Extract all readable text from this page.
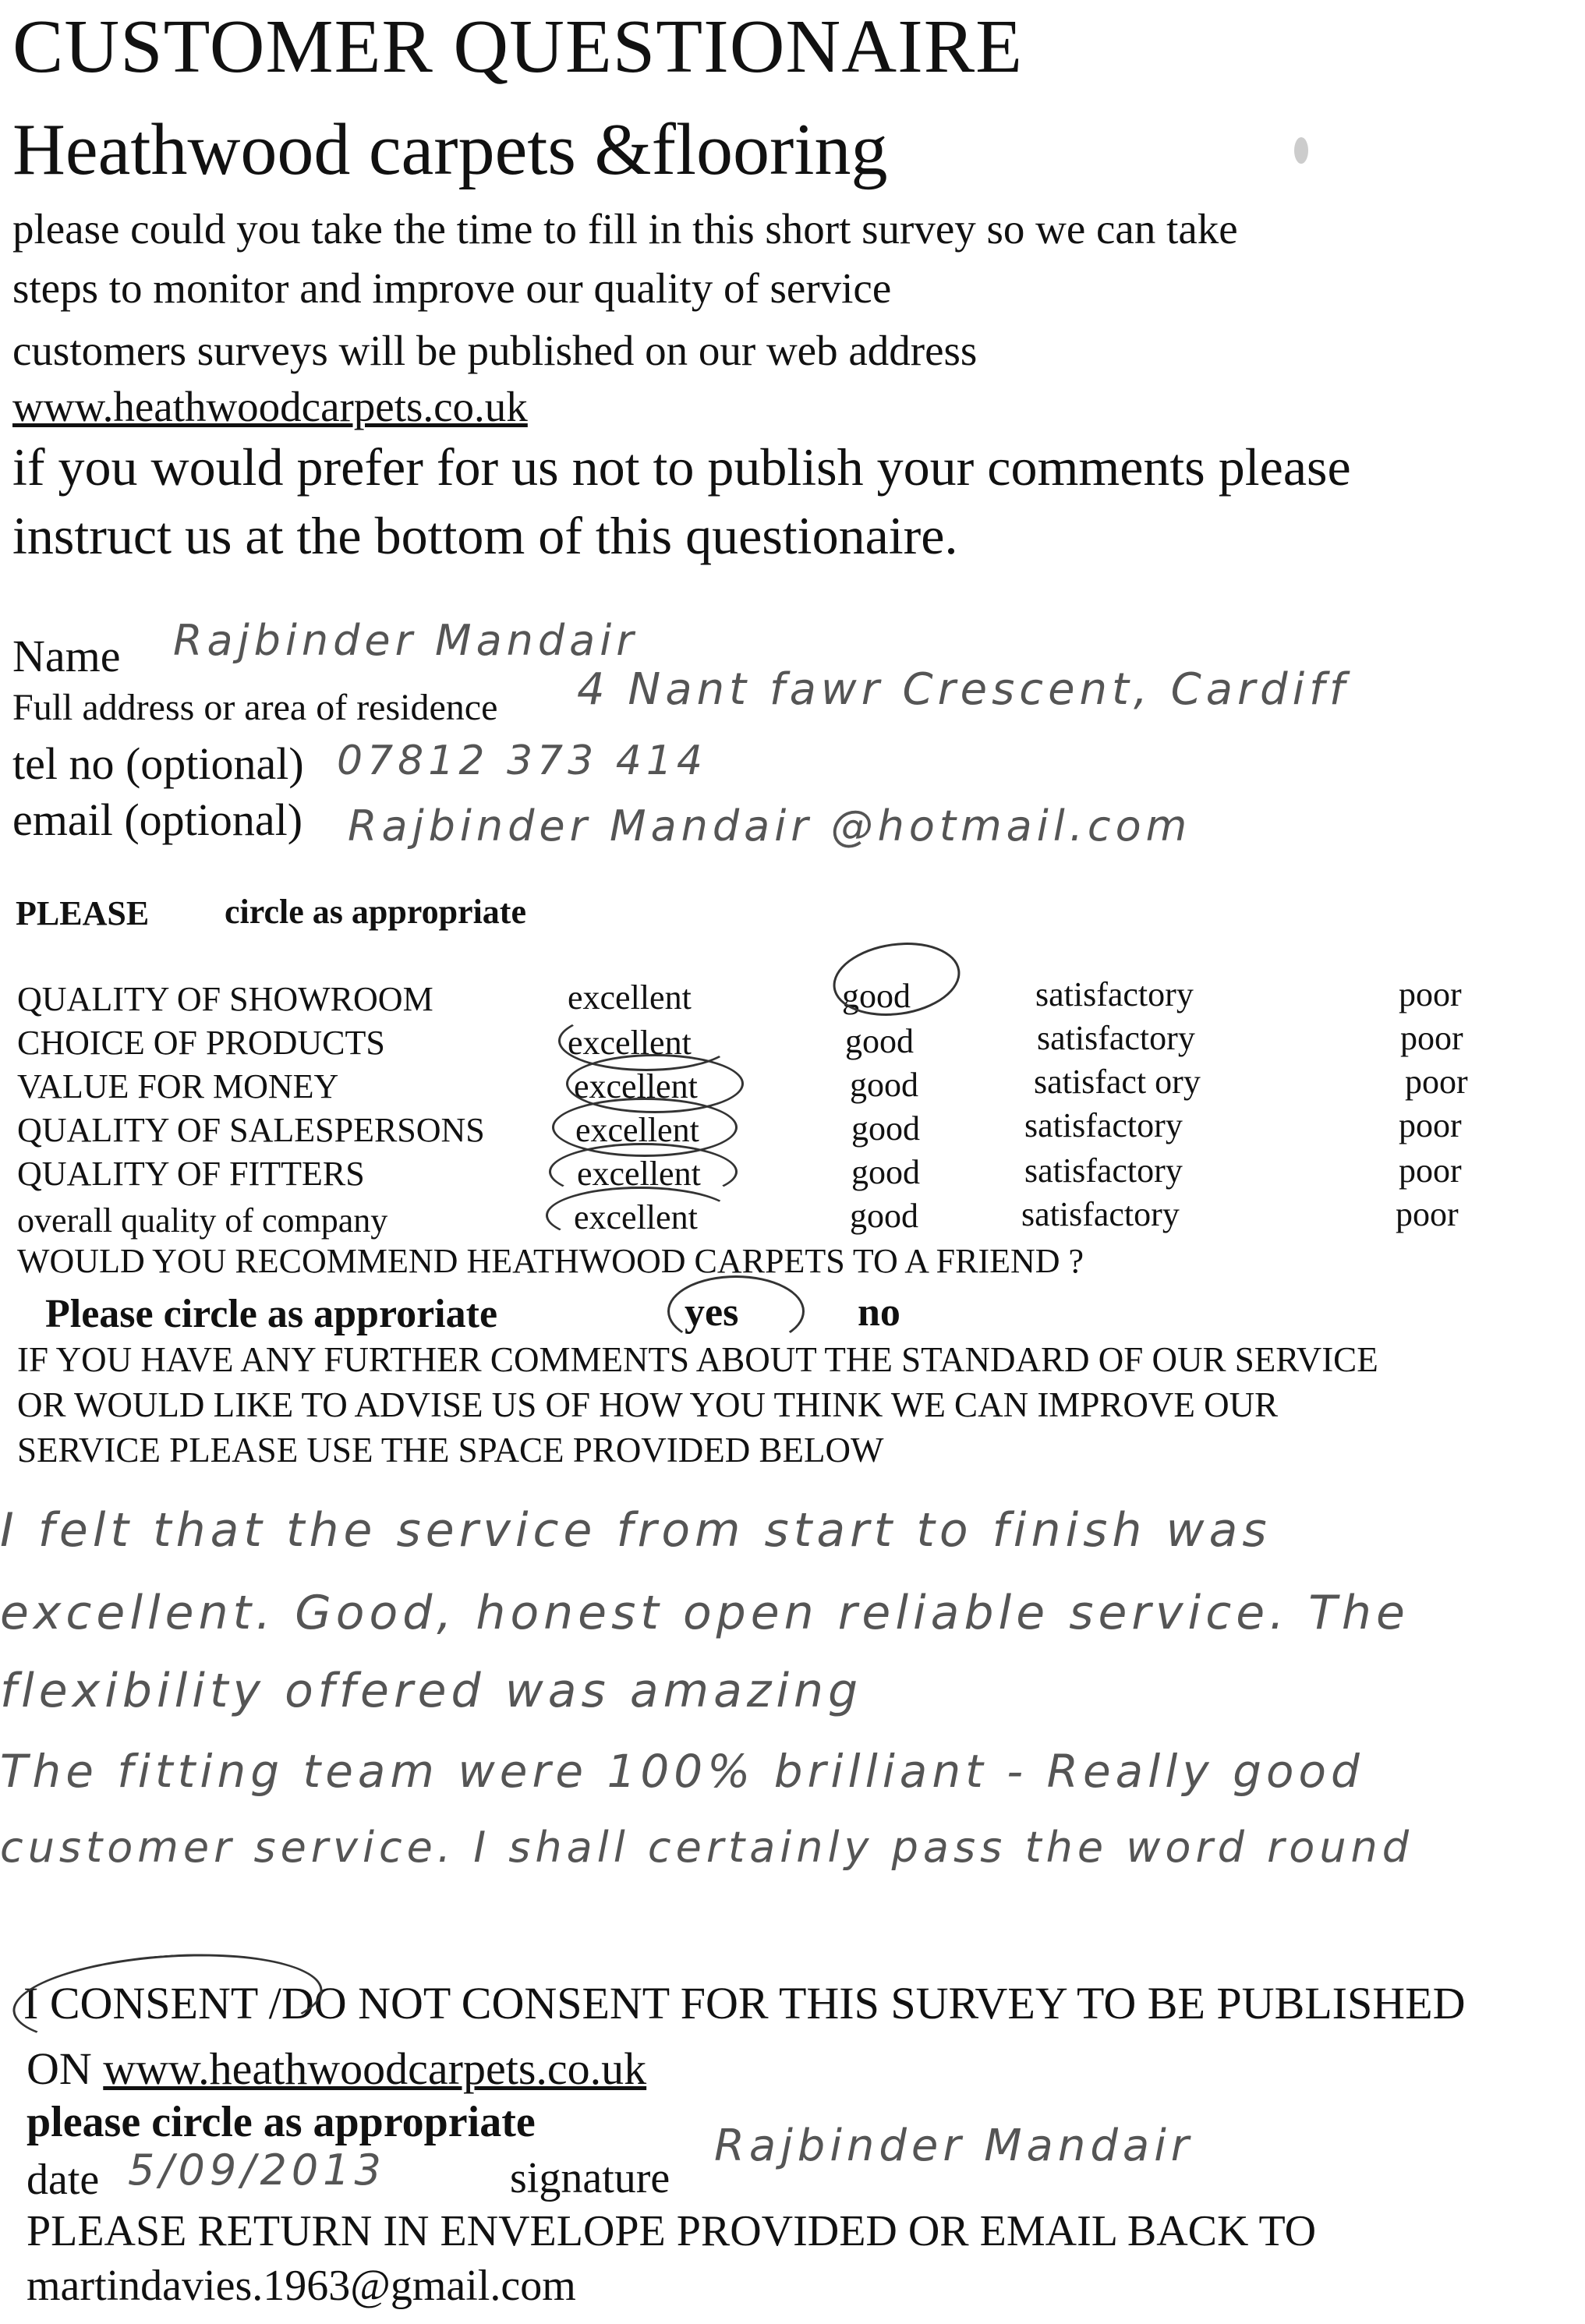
CUSTOMER QUESTIONAIRE
Heathwood carpets &flooring
please could you take the time to fill in this short survey so we can take
steps to monitor and improve our quality of service
customers surveys will be published on our web address
www.heathwoodcarpets.co.uk
if you would prefer for us not to publish your comments please
instruct us at the bottom of this questionaire.
Name Rajbinder Mandair
Full address or area of residence 4 Nant fawr Crescent, Cardiff
tel no (optional) 07812 373 414
email (optional) Rajbinder Mandair @hotmail.com
PLEASE circle as appropriate
QUALITY OF SHOWROOM	excellent	good	satisfactory	poor
CHOICE OF PRODUCTS	excellent	good	satisfactory	poor
VALUE FOR MONEY	excellent	good	satisfact ory	poor
QUALITY OF SALESPERSONS	excellent	good	satisfactory	poor
QUALITY OF FITTERS	excellent	good	satisfactory	poor
overall quality of company	excellent	good	satisfactory	poor
WOULD YOU RECOMMEND HEATHWOOD CARPETS TO A FRIEND ?
Please circle as approriate	yes	no
IF YOU HAVE ANY FURTHER COMMENTS ABOUT THE STANDARD OF OUR SERVICE
OR WOULD LIKE TO ADVISE US OF HOW YOU THINK WE CAN IMPROVE OUR
SERVICE PLEASE USE THE SPACE PROVIDED BELOW
I felt that the service from start to finish was
excellent. Good, honest open reliable service. The
flexibility offered was amazing
The fitting team were 100% brilliant - Really good
customer service. I shall certainly pass the word round
I CONSENT /DO NOT CONSENT FOR THIS SURVEY TO BE PUBLISHED
ON www.heathwoodcarpets.co.uk
please circle as appropriate
date 5/09/2013	signature
Rajbinder Mandair
PLEASE RETURN IN ENVELOPE PROVIDED OR EMAIL BACK TO
martindavies.1963@gmail.com
